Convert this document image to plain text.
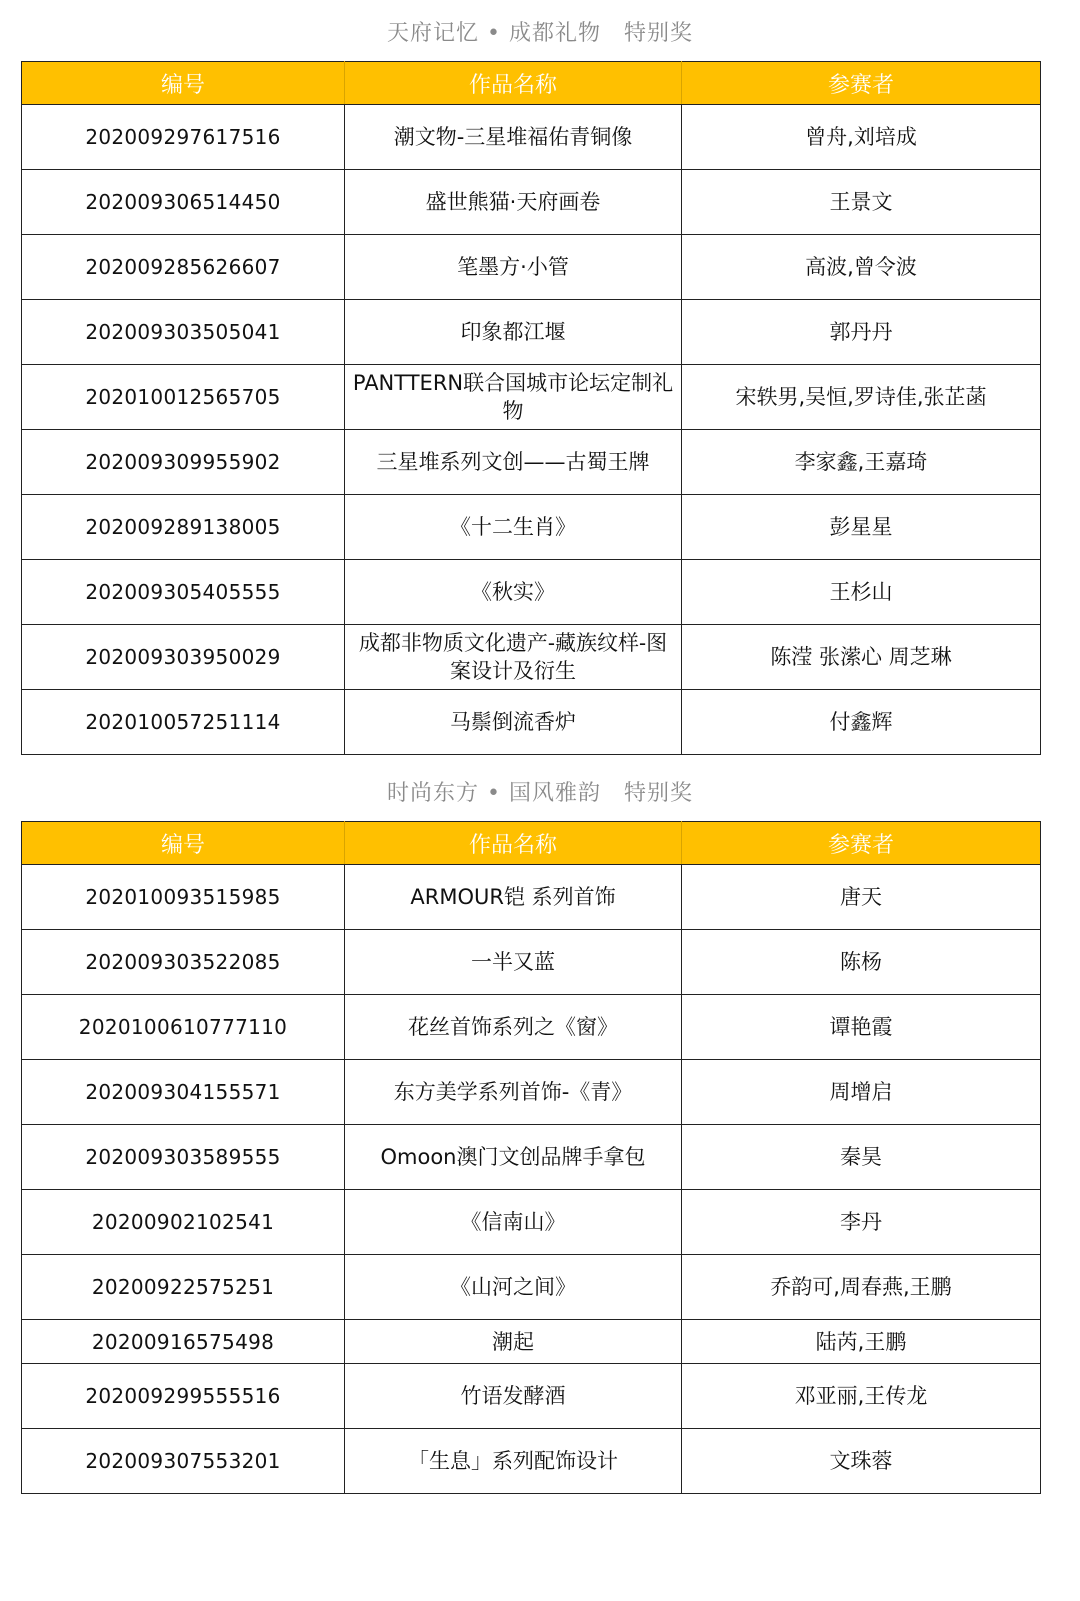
天府记忆 • 成都礼物　特别奖
编号	作品名称	参赛者
202009297617516	潮文物-三星堆福佑青铜像	曾舟,刘培成
202009306514450	盛世熊猫·天府画卷	王景文
202009285626607	笔墨方·小管	高波,曾令波
202009303505041	印象都江堰	郭丹丹
202010012565705	PANTTERN联合国城市论坛定制礼物	宋轶男,吴恒,罗诗佳,张芷菡
202009309955902	三星堆系列文创——古蜀王牌	李家鑫,王嘉琦
202009289138005	《十二生肖》	彭星星
202009305405555	《秋实》	王杉山
202009303950029	成都非物质文化遗产-藏族纹样-图案设计及衍生	陈滢 张潆心 周芝琳
202010057251114	马鬃倒流香炉	付鑫辉
时尚东方 • 国风雅韵　特别奖
编号	作品名称	参赛者
202010093515985	ARMOUR铠 系列首饰	唐天
202009303522085	一半又蓝	陈杨
2020100610777110	花丝首饰系列之《窗》	谭艳霞
202009304155571	东方美学系列首饰-《青》	周增启
202009303589555	Omoon澳门文创品牌手拿包	秦昊
20200902102541	《信南山》	李丹
20200922575251	《山河之间》	乔韵可,周春燕,王鹏
20200916575498	潮起	陆芮,王鹏
202009299555516	竹语发酵酒	邓亚丽,王传龙
202009307553201	「生息」系列配饰设计	文珠蓉
